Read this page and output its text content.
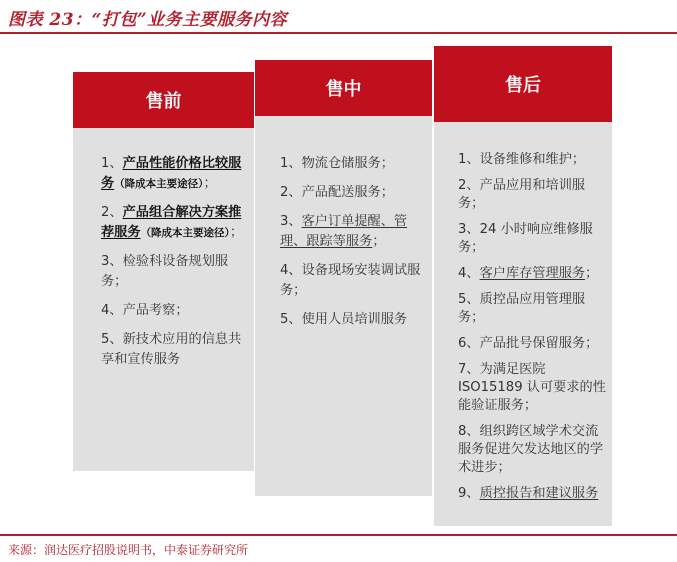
图表 23：“打包”业务主要服务内容
售前
1、产品性能价格比较服务（降成本主要途径）；
2、产品组合解决方案推荐服务（降成本主要途径）；
3、检验科设备规划服务；
4、产品考察；
5、新技术应用的信息共享和宣传服务
售中
1、物流仓储服务；
2、产品配送服务；
3、客户订单提醒、管理、跟踪等服务；
4、设备现场安装调试服务；
5、使用人员培训服务
售后
1、设备维修和维护；
2、产品应用和培训服务；
3、24 小时响应维修服务；
4、客户库存管理服务；
5、质控品应用管理服务；
6、产品批号保留服务；
7、为满足医院 ISO15189 认可要求的性能验证服务；
8、组织跨区域学术交流服务促进欠发达地区的学术进步；
9、质控报告和建议服务
来源：润达医疗招股说明书，中泰证券研究所
